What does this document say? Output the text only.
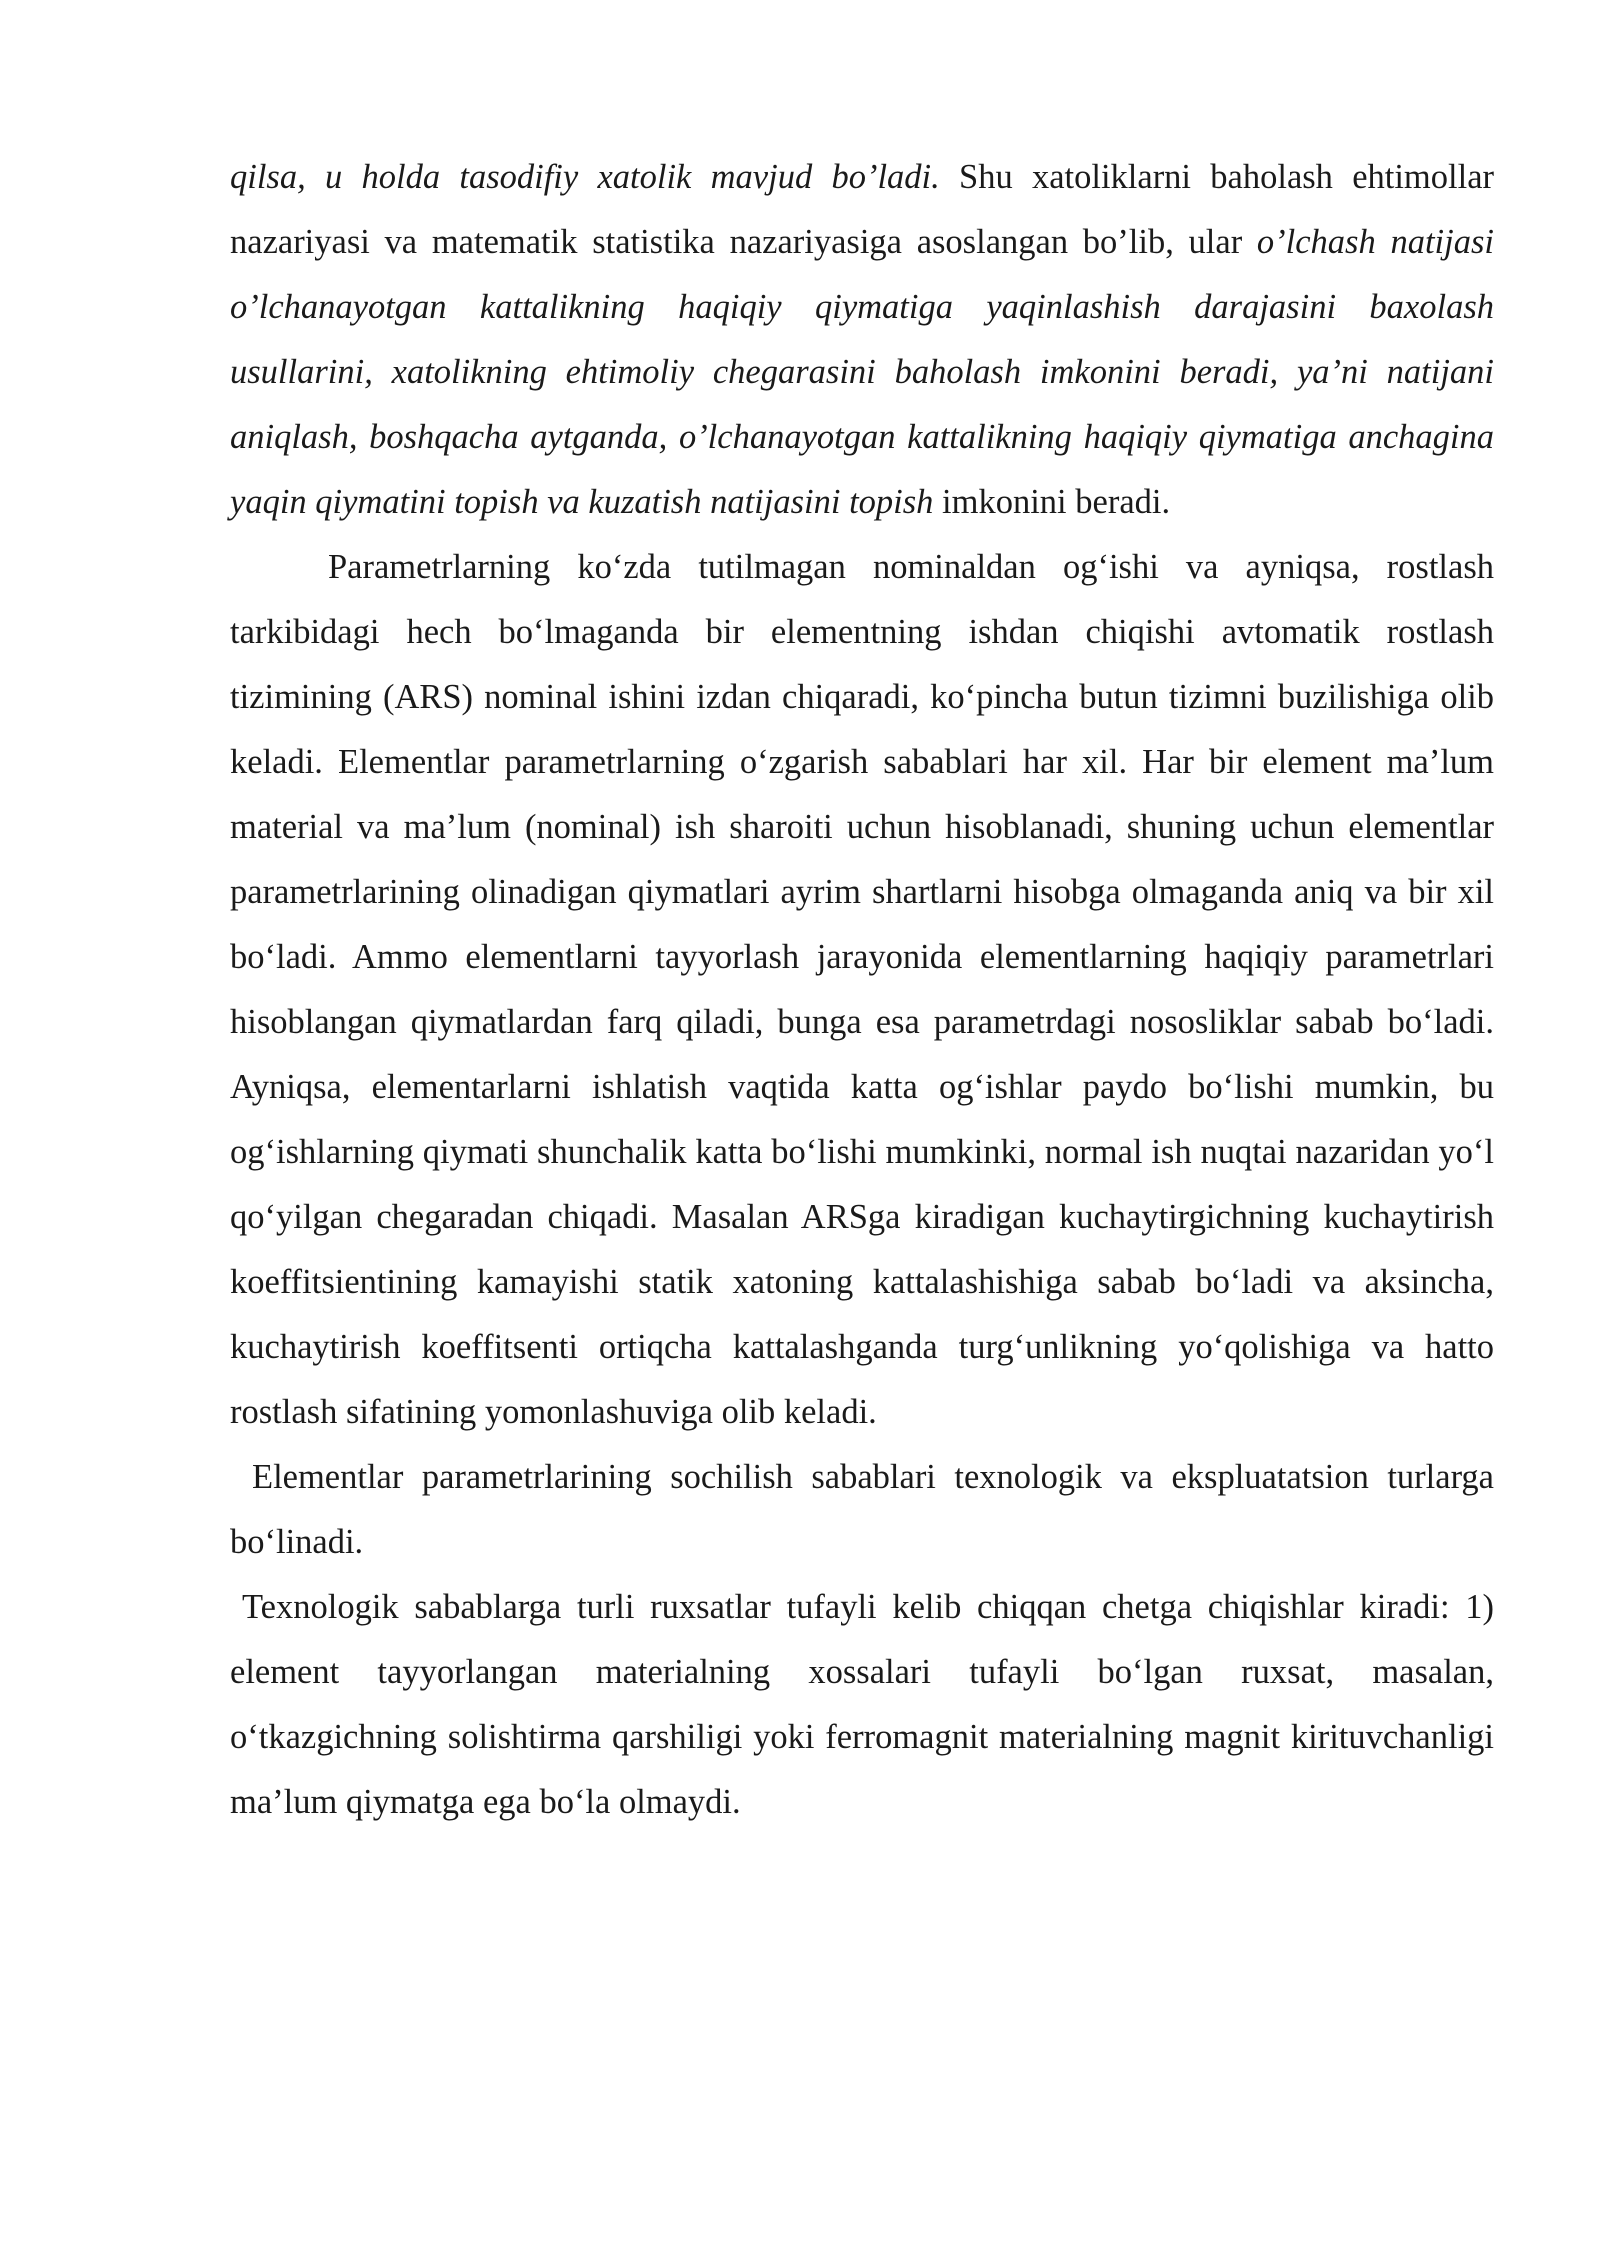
qilsa, u holda tasodifiy xatolik mavjud bo’ladi. Shu xatoliklarni baholash ehtimollar nazariyasi va matematik statistika nazariyasiga asoslangan bo’lib, ular o’lchash natijasi o’lchanayotgan kattalikning haqiqiy qiymatiga yaqinlashish darajasini baxolash usullarini, xatolikning ehtimoliy chegarasini baholash imkonini beradi, ya’ni natijani aniqlash, boshqacha aytganda, o’lchanayotgan kattalikning haqiqiy qiymatiga anchagina yaqin qiymatini topish va kuzatish natijasini topish imkonini beradi.

Parametrlarning ko‘zda tutilmagan nominaldan og‘ishi va ayniqsa, rostlash tarkibidagi hech bo‘lmaganda bir elementning ishdan chiqishi avtomatik rostlash tizimining (ARS) nominal ishini izdan chiqaradi, ko‘pincha butun tizimni buzilishiga olib keladi. Elementlar parametrlarning o‘zgarish sabablari har xil. Har bir element ma’lum material va ma’lum (nominal) ish sharoiti uchun hisoblanadi, shuning uchun elementlar parametrlarining olinadigan qiymatlari ayrim shartlarni hisobga olmaganda aniq va bir xil bo‘ladi. Ammo elementlarni tayyorlash jarayonida elementlarning haqiqiy parametrlari hisoblangan qiymatlardan farq qiladi, bunga esa parametrdagi nososliklar sabab bo‘ladi. Ayniqsa, elementarlarni ishlatish vaqtida katta og‘ishlar paydo bo‘lishi mumkin, bu og‘ishlarning qiymati shunchalik katta bo‘lishi mumkinki, normal ish nuqtai nazaridan yo‘l qo‘yilgan chegaradan chiqadi. Masalan ARSga kiradigan kuchaytirgichning kuchaytirish koeffitsientining kamayishi statik xatoning kattalashishiga sabab bo‘ladi va aksincha, kuchaytirish koeffitsenti ortiqcha kattalashganda turg‘unlikning yo‘qolishiga va hatto rostlash sifatining yomonlashuviga olib keladi.

Elementlar parametrlarining sochilish sabablari texnologik va ekspluatatsion turlarga bo‘linadi.

Texnologik sabablarga turli ruxsatlar tufayli kelib chiqqan chetga chiqishlar kiradi: 1) element tayyorlangan materialning xossalari tufayli bo‘lgan ruxsat, masalan, o‘tkazgichning solishtirma qarshiligi yoki ferromagnit materialning magnit kirituvchanligi ma’lum qiymatga ega bo‘la olmaydi.
